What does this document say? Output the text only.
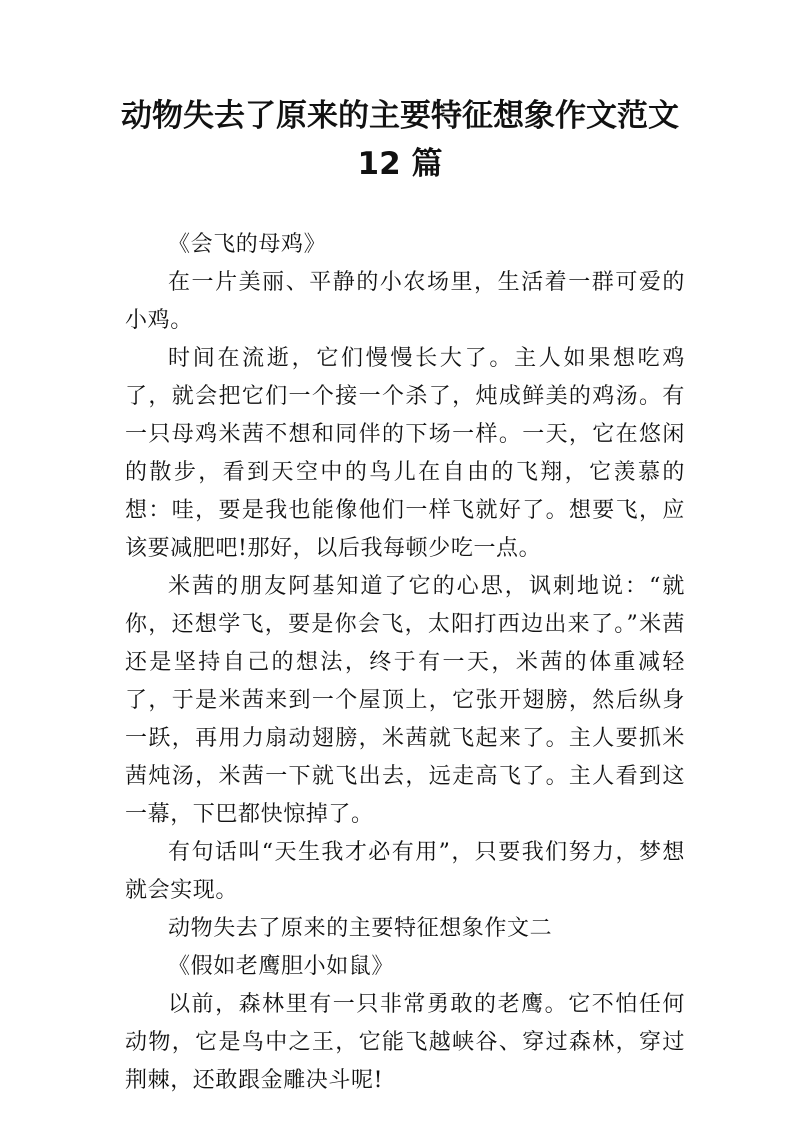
动物失去了原来的主要特征想象作文范文
12 篇

《会飞的母鸡》

在一片美丽、平静的小农场里，生活着一群可爱的小鸡。

时间在流逝，它们慢慢长大了。主人如果想吃鸡了，就会把它们一个接一个杀了，炖成鲜美的鸡汤。有一只母鸡米茜不想和同伴的下场一样。一天，它在悠闲的散步，看到天空中的鸟儿在自由的飞翔，它羡慕的想：哇，要是我也能像他们一样飞就好了。想要飞，应该要减肥吧!那好，以后我每顿少吃一点。

米茜的朋友阿基知道了它的心思，讽刺地说：“就你，还想学飞，要是你会飞，太阳打西边出来了。”米茜还是坚持自己的想法，终于有一天，米茜的体重减轻了，于是米茜来到一个屋顶上，它张开翅膀，然后纵身一跃，再用力扇动翅膀，米茜就飞起来了。主人要抓米茜炖汤，米茜一下就飞出去，远走高飞了。主人看到这一幕，下巴都快惊掉了。

有句话叫“天生我才必有用”，只要我们努力，梦想就会实现。

动物失去了原来的主要特征想象作文二

《假如老鹰胆小如鼠》

以前，森林里有一只非常勇敢的老鹰。它不怕任何动物，它是鸟中之王，它能飞越峡谷、穿过森林，穿过荆棘，还敢跟金雕决斗呢!
